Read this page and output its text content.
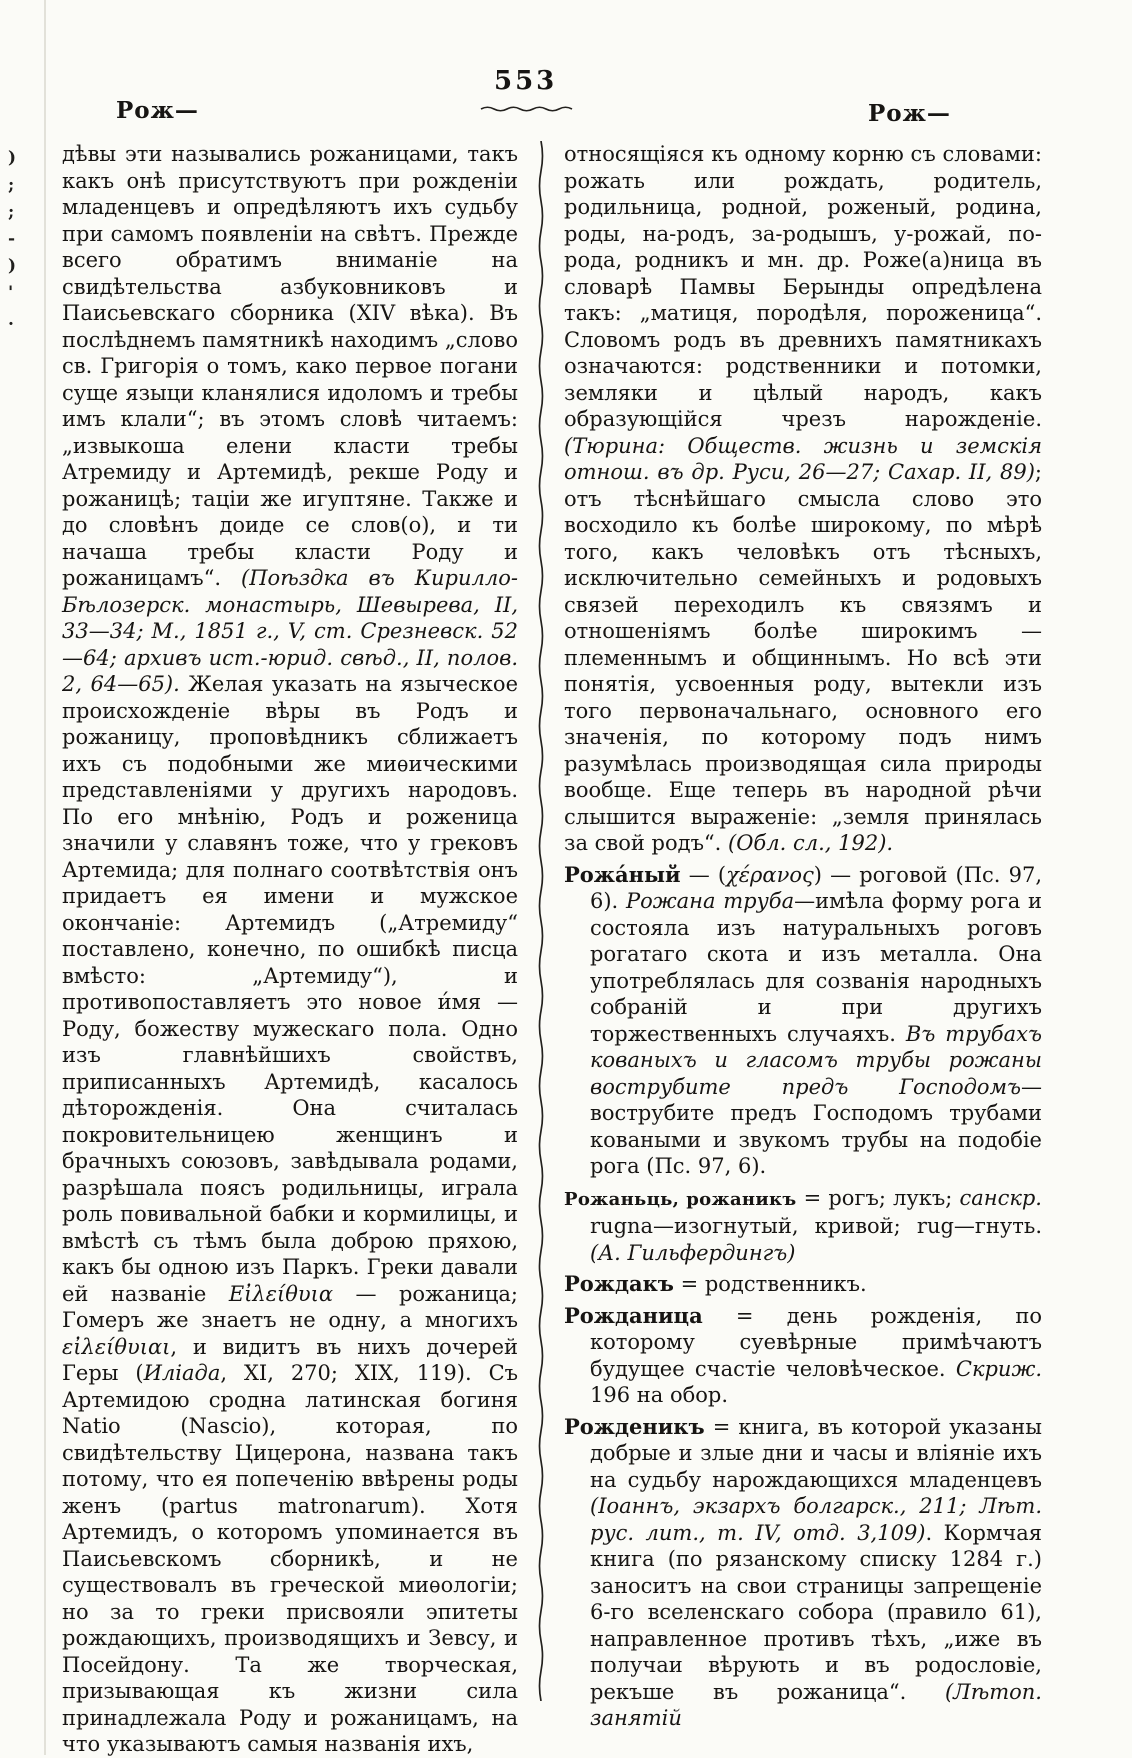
)
;
;
-
)
'
.
Рож—
553
Рож—
дѣвы эти назывались рожаницами, такъ какъ онѣ присутствуютъ при рожденіи младенцевъ и опредѣляютъ ихъ судьбу при самомъ появленіи на свѣтъ. Прежде всего обратимъ вниманіе на свидѣтельства азбуковниковъ и Паисьевскаго сборника (XIV вѣка). Въ послѣднемъ памятникѣ находимъ „слово св. Григорія о томъ, како первое погани суще языци кланялися идоломъ и требы имъ клали“; въ этомъ словѣ читаемъ: „извыкоша елени класти требы Атремиду и Артемидѣ, рекше Роду и рожаницѣ; таціи же игуптяне. Также и до словѣнъ доиде се слов(о), и ти начаша требы класти Роду и рожаницамъ“. (Поѣздка въ Кирилло-Бѣлозерск. монастырь, Шевырева, II, 33—34; М., 1851 г., V, ст. Срезневск. 52—64; архивъ ист.-юрид. свѣд., II, полов. 2, 64—65). Желая указать на языческое происхожденіе вѣры въ Родъ и рожаницу, проповѣдникъ сближаетъ ихъ съ подобными же миѳическими представленіями у другихъ народовъ. По его мнѣнію, Родъ и роженица значили у славянъ тоже, что у грековъ Артемида; для полнаго соотвѣтствія онъ придаетъ ея имени и мужское окончаніе: Артемидъ („Атремиду“ поставлено, конечно, по ошибкѣ писца вмѣсто: „Артемиду“), и противопоставляетъ это новое и́мя — Роду, божеству мужескаго пола. Одно изъ главнѣйшихъ свойствъ, приписанныхъ Артемидѣ, касалось дѣторожденія. Она считалась покровительницею женщинъ и брачныхъ союзовъ, завѣдывала родами, разрѣшала поясъ родильницы, играла роль повивальной бабки и кормилицы, и вмѣстѣ съ тѣмъ была доброю пряхою, какъ бы одною изъ Паркъ. Греки давали ей названіе Εἰλείθυια — рожаница; Гомеръ же знаетъ не одну, а многихъ εἰλείθυιαι, и видитъ въ нихъ дочерей Геры (Иліада, XI, 270; XIX, 119). Съ Артемидою сродна латинская богиня Natio (Nascio), которая, по свидѣтельству Цицерона, названа такъ потому, что ея попеченію ввѣрены роды женъ (partus matronarum). Хотя Артемидъ, о которомъ упоминается въ Паисьевскомъ сборникѣ, и не существовалъ въ греческой миѳологіи; но за то греки присвояли эпитеты рождающихъ, производящихъ и Зевсу, и Посейдону. Та же творческая, призывающая къ жизни сила принадлежала Роду и рожаницамъ, на что указываютъ самыя названія ихъ,
относящіяся къ одному корню съ словами: рожать или рождать, родитель, родильница, родной, роженый, родина, роды, на-родъ, за-родышъ, у-рожай, по-рода, родникъ и мн. др. Роже(а)ница въ словарѣ Памвы Берынды опредѣлена такъ: „матиця, породѣля, пороженица“. Словомъ родъ въ древнихъ памятникахъ означаются: родственники и потомки, земляки и цѣлый народъ, какъ образующійся чрезъ нарожденіе. (Тюрина: Обществ. жизнь и земскія отнош. въ др. Руси, 26—27; Сахар. II, 89); отъ тѣснѣйшаго смысла слово это восходило къ болѣе широкому, по мѣрѣ того, какъ человѣкъ отъ тѣсныхъ, исключительно семейныхъ и родовыхъ связей переходилъ къ связямъ и отношеніямъ болѣе широкимъ — племеннымъ и общиннымъ. Но всѣ эти понятія, усвоенныя роду, вытекли изъ того первоначальнаго, основного его значенія, по которому подъ нимъ разумѣлась производящая сила природы вообще. Еще теперь въ народной рѣчи слышится выраженіе: „земля принялась за свой родъ“. (Обл. сл., 192).
Рожа́ный — (χέρανος) — роговой (Пс. 97, 6). Рожана труба—имѣла форму рога и состояла изъ натуральныхъ роговъ рогатаго скота и изъ металла. Она употреблялась для созванія народныхъ собраній и при другихъ торжественныхъ случаяхъ. Въ трубахъ кованыхъ и гласомъ трубы рожаны вострубите предъ Господомъ—вострубите предъ Господомъ трубами коваными и звукомъ трубы на подобіе рога (Пс. 97, 6).
Рожаньць, рожаникъ = рогъ; лукъ; санскр. rugna—изогнутый, кривой; rug—гнуть. (А. Гильфердингъ)
Рождакъ = родственникъ.
Рожданица = день рожденія, по которому суевѣрные примѣчаютъ будущее счастіе человѣческое. Скриж. 196 на обор.
Рожденикъ = книга, въ которой указаны добрые и злые дни и часы и вліяніе ихъ на судьбу нарождающихся младенцевъ (Іоаннъ, экзархъ болгарск., 211; Лѣт. рус. лит., т. IV, отд. 3,109). Кормчая книга (по рязанскому списку 1284 г.) заноситъ на свои страницы запрещеніе 6-го вселенскаго собора (правило 61), направленное противъ тѣхъ, „иже въ получаи вѣрують и въ родословіе, рекъше въ рожаница“. (Лѣтоп. занятій
